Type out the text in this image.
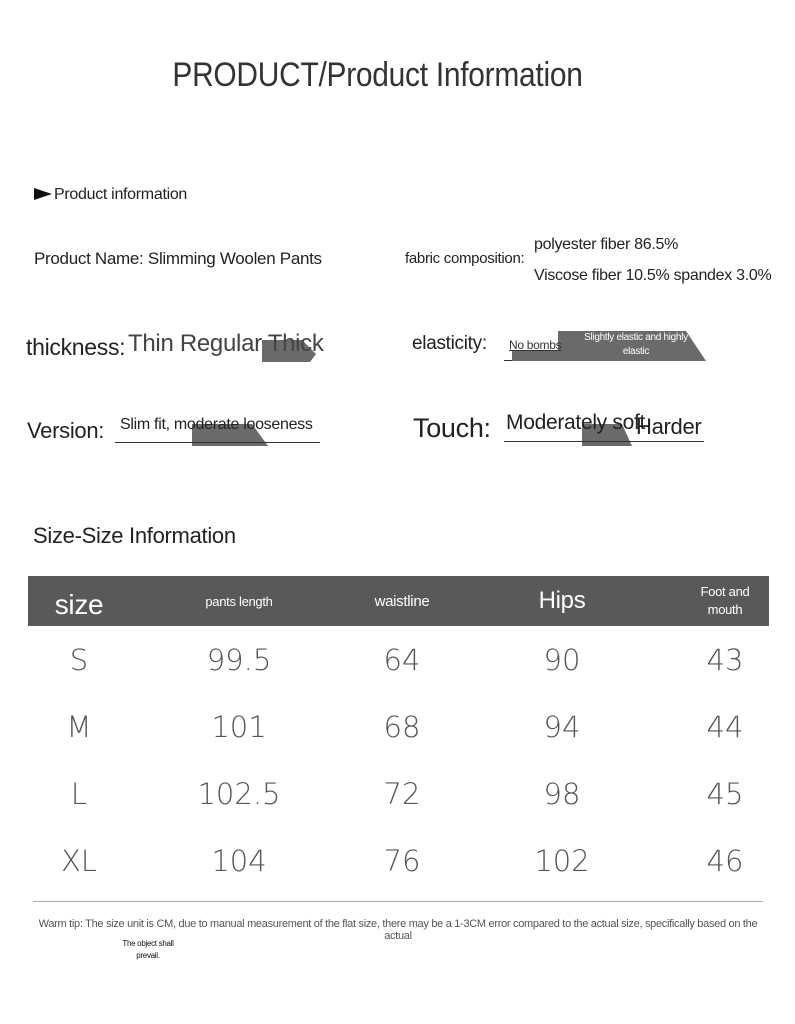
PRODUCT/Product Information
Product information
Product Name: Slimming Woolen Pants	fabric composition:
polyester fiber 86.5%
Viscose fiber 10.5% spandex 3.0%
thickness: Thin Regular Thick	elasticity: No bombs
Slightly elastic and highly
elastic
Version: Slim fit, moderate looseness	Touch: Moderately soft
Harder
Size-Size Information
size	pants length	waistline	Hips	Foot and
mouth
S	99.5	64	90	43
M	101	68	94	44
L	102.5	72	98	45
XL	104	76	102	46
Warm tip: The size unit is CM, due to manual measurement of the flat size, there may be a 1-3CM error compared to the actual size, specifically based on the actual
The object shall
prevail.
